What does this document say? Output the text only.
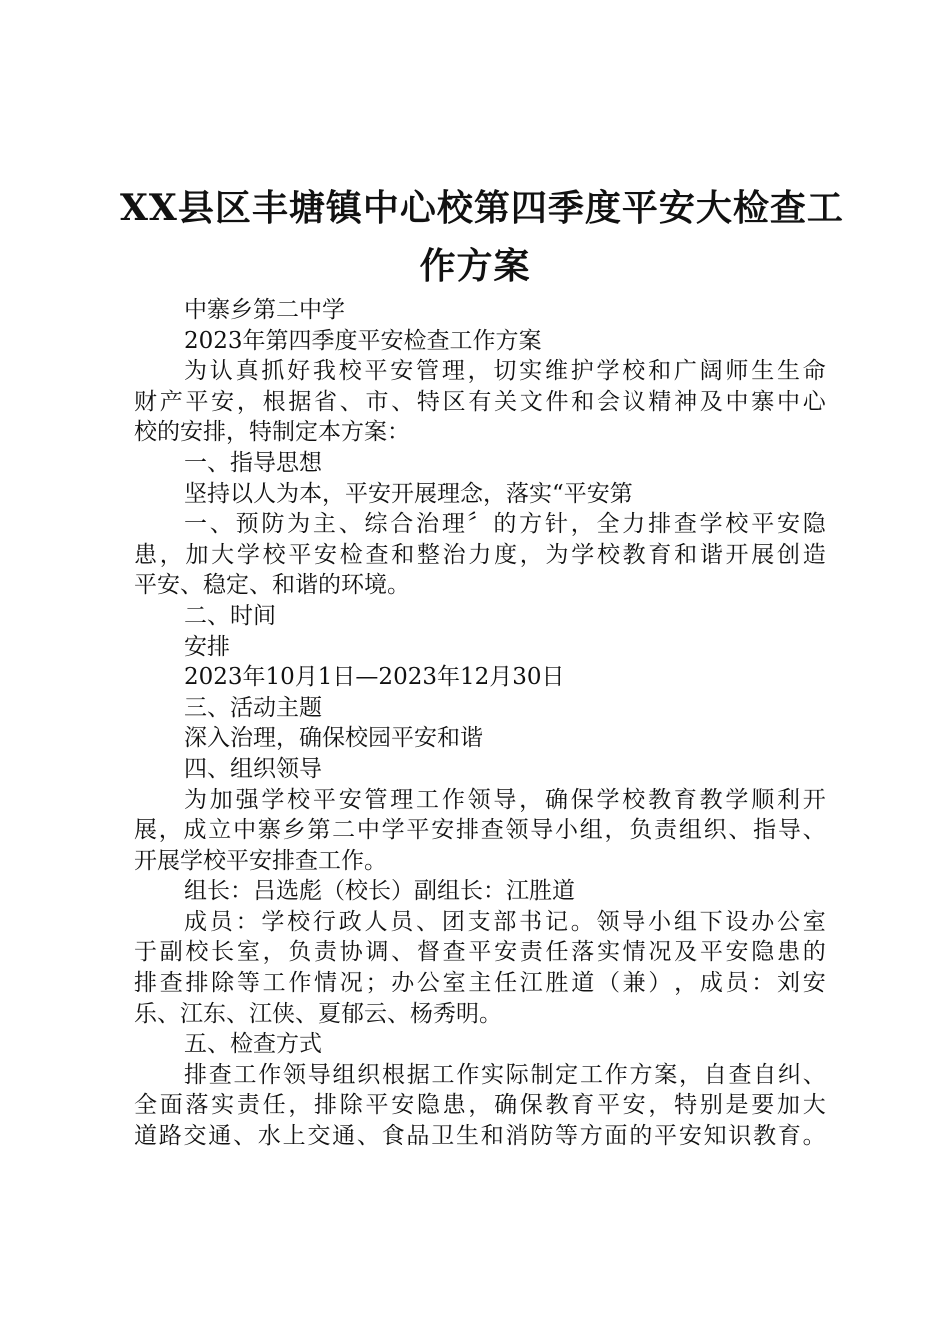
XX县区丰塘镇中心校第四季度平安大检查工
作方案

中寨乡第二中学

2023年第四季度平安检查工作方案

为 认 真 抓 好 我 校 平 安 管 理 ， 切 实 维 护 学 校 和 广 阔 师 生 生 命

财 产 平 安 ， 根 据 省 、 市 、 特 区 有 关 文 件 和 会 议 精 神 及 中 寨 中 心

校的安排，特制定本方案：

一、指导思想

坚持以人为本，平安开展理念，落实“平安第

一 、 预 防 为 主 、 综 合 治 理 〞 的 方 针 ， 全 力 排 查 学 校 平 安 隐

患 ， 加 大 学 校 平 安 检 查 和 整 治 力 度 ， 为 学 校 教 育 和 谐 开 展 创 造

平安、稳定、和谐的环境。

二、时间

安排

2023年10月1日—2023年12月30日

三、活动主题

深入治理，确保校园平安和谐

四、组织领导

为 加 强 学 校 平 安 管 理 工 作 领 导 ， 确 保 学 校 教 育 教 学 顺 利 开

展 ， 成 立 中 寨 乡 第 二 中 学 平 安 排 查 领 导 小 组 ， 负 责 组 织 、 指 导 、

开展学校平安排查工作。

组长：吕选彪（校长）副组长：江胜道

成 员 ： 学 校 行 政 人 员 、 团 支 部 书 记 。 领 导 小 组 下 设 办 公 室

于 副 校 长 室 ， 负 责 协 调 、 督 查 平 安 责 任 落 实 情 况 及 平 安 隐 患 的

排 查 排 除 等 工 作 情 况 ； 办 公 室 主 任 江 胜 道 （ 兼 ） ， 成 员 ： 刘 安

乐、江东、江侠、夏郁云、杨秀明。

五、检查方式

排 查 工 作 领 导 组 织 根 据 工 作 实 际 制 定 工 作 方 案 ， 自 查 自 纠 、

全 面 落 实 责 任 ， 排 除 平 安 隐 患 ， 确 保 教 育 平 安 ， 特 别 是 要 加 大

道 路 交 通 、 水 上 交 通 、 食 品 卫 生 和 消 防 等 方 面 的 平 安 知 识 教 育 。
